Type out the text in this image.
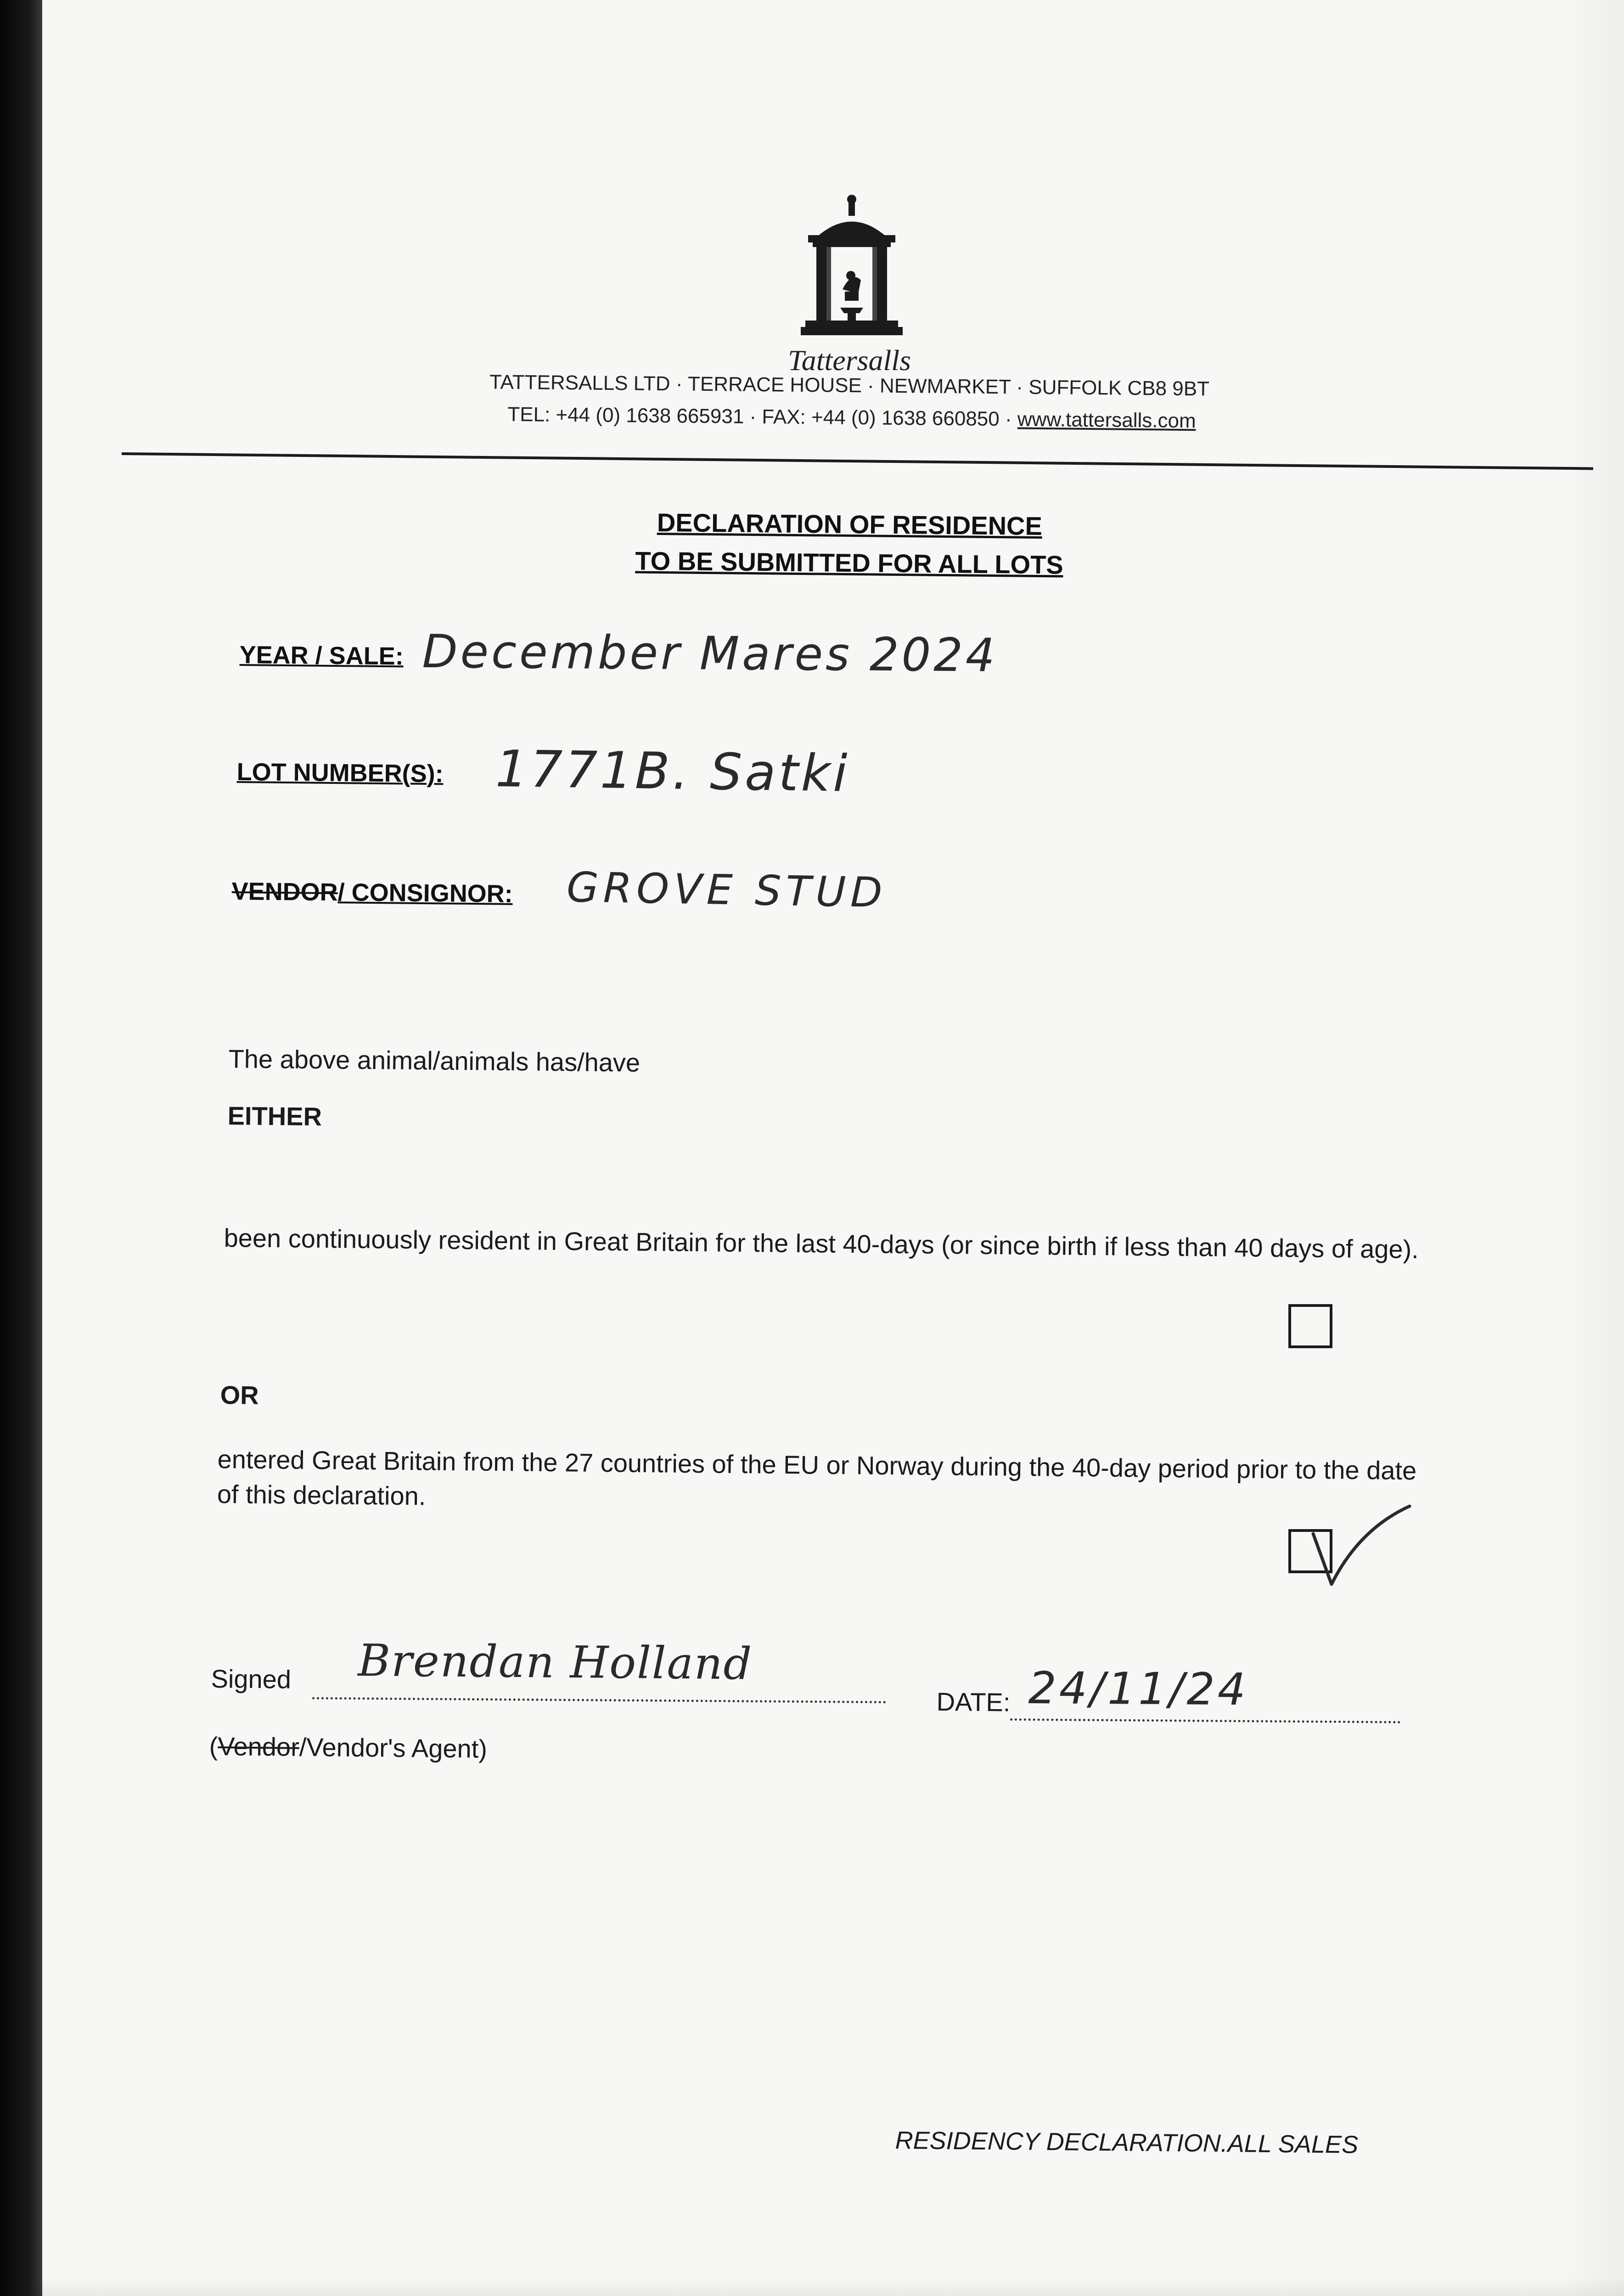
Tattersalls
TATTERSALLS LTD · TERRACE HOUSE · NEWMARKET · SUFFOLK CB8 9BT
TEL: +44 (0) 1638 665931 · FAX: +44 (0) 1638 660850 · www.tattersalls.com
DECLARATION OF RESIDENCE
TO BE SUBMITTED FOR ALL LOTS
YEAR / SALE: December Mares 2024
LOT NUMBER(S): 1771B. Satki
VENDOR/ CONSIGNOR: GROVE STUD
The above animal/animals has/have
EITHER
been continuously resident in Great Britain for the last 40-days (or since birth if less than 40 days of age).
OR
entered Great Britain from the 27 countries of the EU or Norway during the 40-day period prior to the date of this declaration.
Signed Brendan Holland
DATE: 24/11/24
(Vendor/Vendor's Agent)
RESIDENCY DECLARATION.ALL SALES
